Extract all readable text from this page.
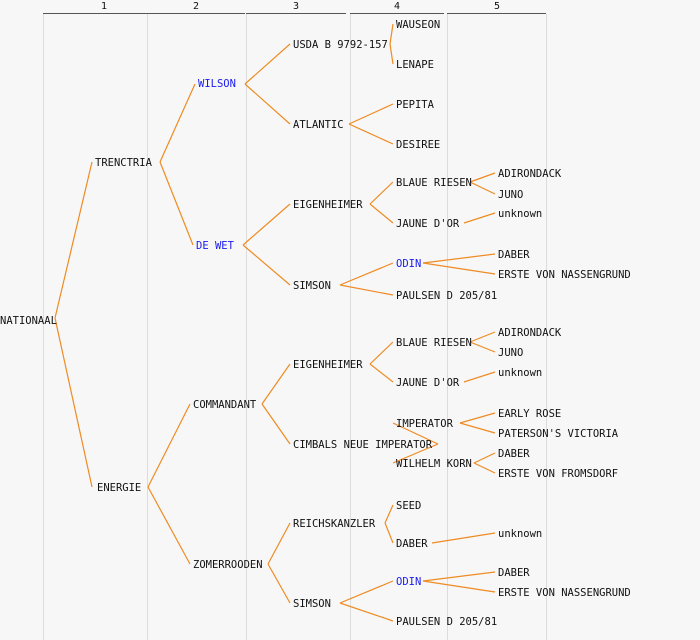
1	2	3	4	5
NATIONAAL
TRENCTRIA
ENERGIE
WILSON
DE WET
COMMANDANT
ZOMERROODEN
USDA B 9792-157
ATLANTIC
EIGENHEIMER
SIMSON
EIGENHEIMER
CIMBALS NEUE IMPERATOR
REICHSKANZLER
SIMSON
WAUSEON
LENAPE
PEPITA
DESIREE
BLAUE RIESEN
JAUNE D'OR
ODIN
PAULSEN D 205/81
BLAUE RIESEN
JAUNE D'OR
IMPERATOR
WILHELM KORN
SEED
DABER
ODIN
PAULSEN D 205/81
ADIRONDACK
JUNO
unknown
DABER
ERSTE VON NASSENGRUND
ADIRONDACK
JUNO
unknown
EARLY ROSE
PATERSON'S VICTORIA
DABER
ERSTE VON FROMSDORF
unknown
DABER
ERSTE VON NASSENGRUND
